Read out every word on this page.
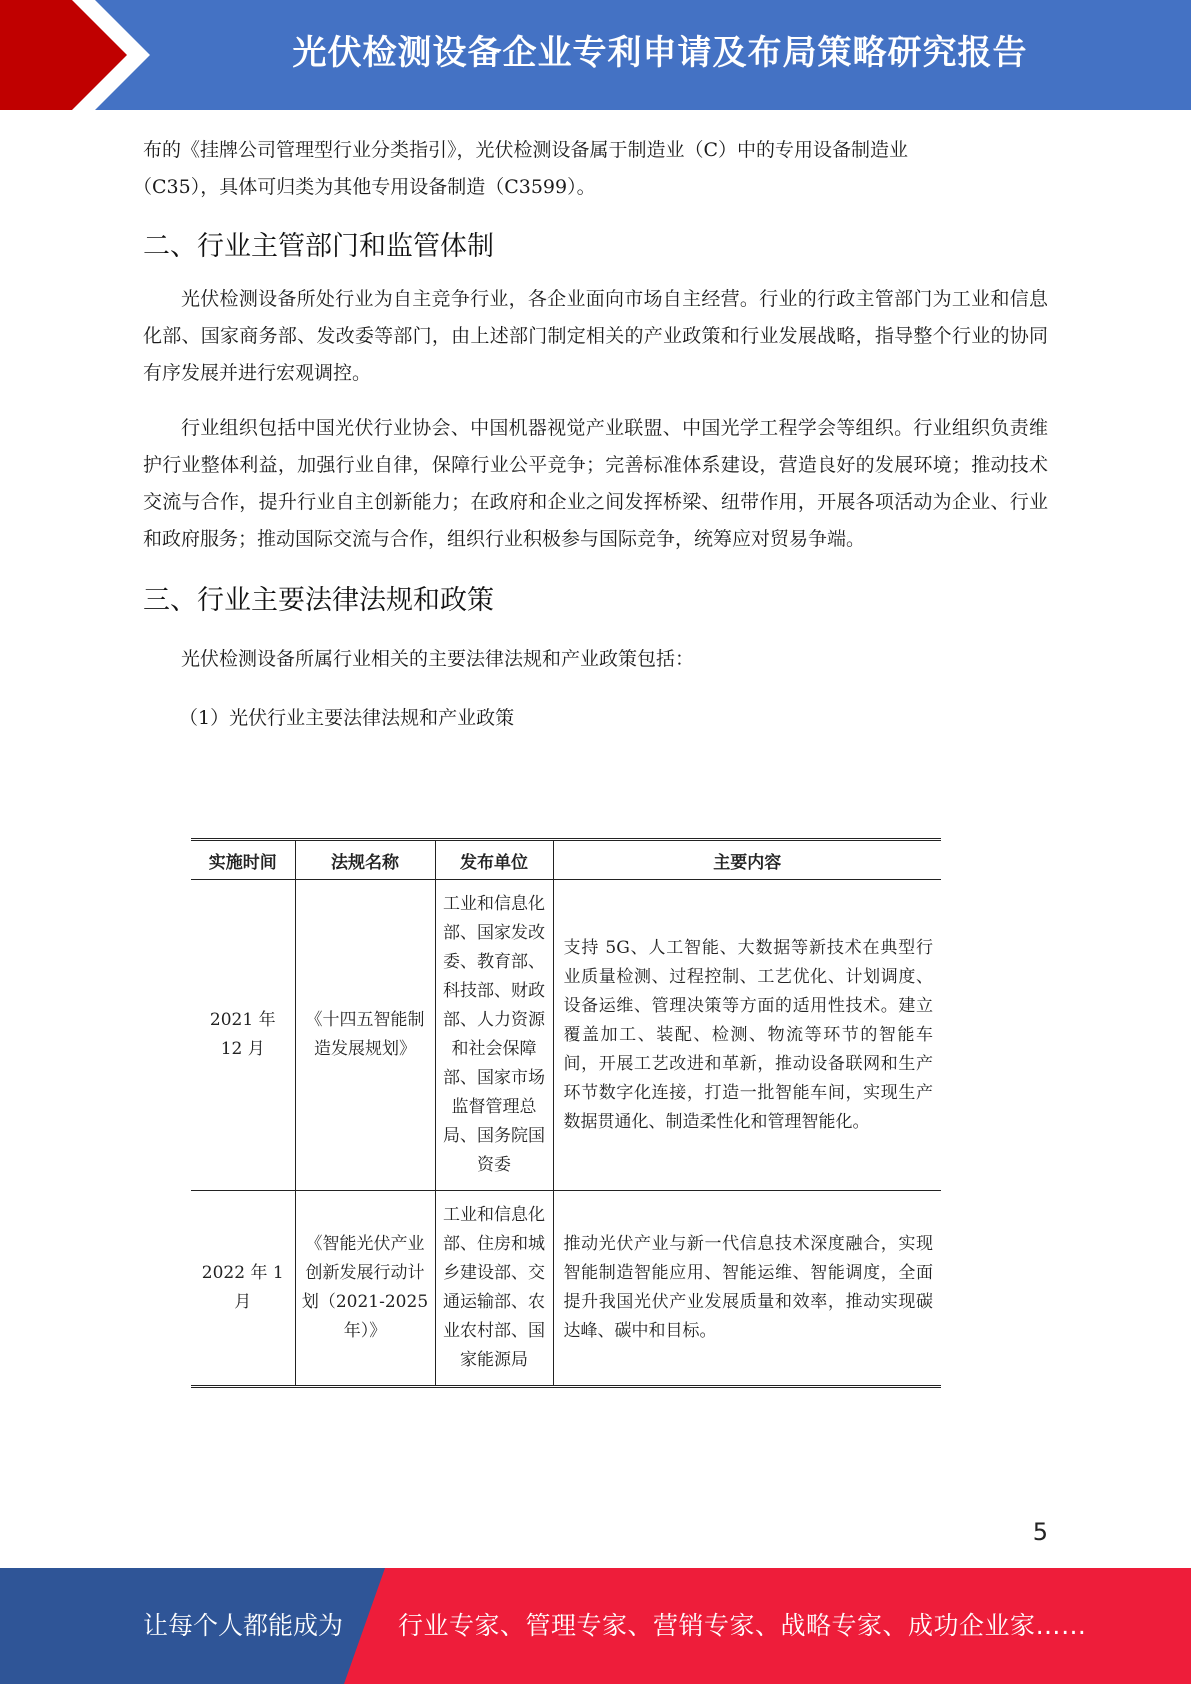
光伏检测设备企业专利申请及布局策略研究报告

布的《挂牌公司管理型行业分类指引》，光伏检测设备属于制造业（C）中的专用设备制造业

（C35），具体可归类为其他专用设备制造（C3599）。

二、行业主管部门和监管体制

光伏检测设备所处行业为自主竞争行业，各企业面向市场自主经营。行业的行政主管部门为工业和信息化部、国家商务部、发改委等部门，由上述部门制定相关的产业政策和行业发展战略，指导整个行业的协同有序发展并进行宏观调控。

行业组织包括中国光伏行业协会、中国机器视觉产业联盟、中国光学工程学会等组织。行业组织负责维护行业整体利益，加强行业自律，保障行业公平竞争；完善标准体系建设，营造良好的发展环境；推动技术交流与合作，提升行业自主创新能力；在政府和企业之间发挥桥梁、纽带作用，开展各项活动为企业、行业和政府服务；推动国际交流与合作，组织行业积极参与国际竞争，统筹应对贸易争端。

三、行业主要法律法规和政策

光伏检测设备所属行业相关的主要法律法规和产业政策包括：

（1）光伏行业主要法律法规和产业政策

实施时间	法规名称	发布单位	主要内容
2021 年 12 月	《十四五智能制造发展规划》	工业和信息化部、国家发改委、教育部、科技部、财政部、人力资源和社会保障部、国家市场监督管理总局、国务院国资委	支持 5G、人工智能、大数据等新技术在典型行业质量检测、过程控制、工艺优化、计划调度、设备运维、管理决策等方面的适用性技术。建立覆盖加工、装配、检测、物流等环节的智能车间，开展工艺改进和革新，推动设备联网和生产环节数字化连接，打造一批智能车间，实现生产数据贯通化、制造柔性化和管理智能化。
2022 年 1 月	《智能光伏产业创新发展行动计划（2021-2025 年）》	工业和信息化部、住房和城乡建设部、交通运输部、农业农村部、国家能源局	推动光伏产业与新一代信息技术深度融合，实现智能制造智能应用、智能运维、智能调度，全面提升我国光伏产业发展质量和效率，推动实现碳达峰、碳中和目标。
5
让每个人都能成为 行业专家、管理专家、营销专家、战略专家、成功企业家……
